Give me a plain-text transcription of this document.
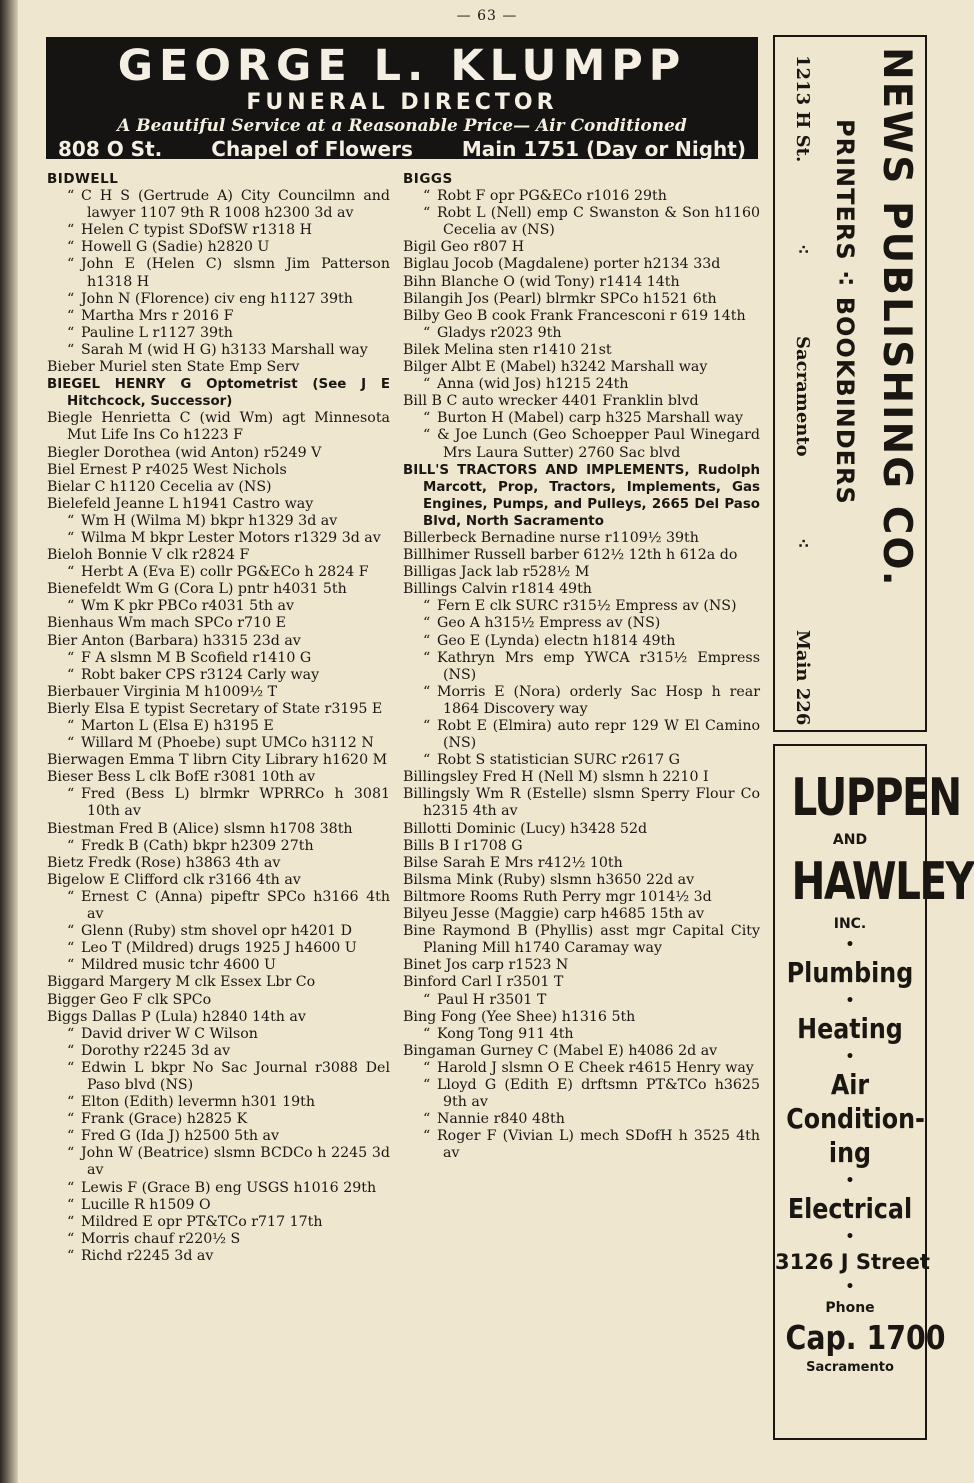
— 63 —
GEORGE L. KLUMPP
FUNERAL DIRECTOR
A Beautiful Service at a Reasonable Price— Air Conditioned
808 O St. Chapel of Flowers Main 1751 (Day or Night)
BIDWELL
“ C H S (Gertrude A) City Councilmn and lawyer 1107 9th R 1008 h2300 3d av
“ Helen C typist SDofSW r1318 H
“ Howell G (Sadie) h2820 U
“ John E (Helen C) slsmn Jim Patterson h1318 H
“ John N (Florence) civ eng h1127 39th
“ Martha Mrs r 2016 F
“ Pauline L r1127 39th
“ Sarah M (wid H G) h3133 Marshall way
Bieber Muriel sten State Emp Serv
BIEGEL HENRY G Optometrist (See J E Hitchcock, Successor)
Biegle Henrietta C (wid Wm) agt Minnesota Mut Life Ins Co h1223 F
Biegler Dorothea (wid Anton) r5249 V
Biel Ernest P r4025 West Nichols
Bielar C h1120 Cecelia av (NS)
Bielefeld Jeanne L h1941 Castro way
“ Wm H (Wilma M) bkpr h1329 3d av
“ Wilma M bkpr Lester Motors r1329 3d av
Bieloh Bonnie V clk r2824 F
“ Herbt A (Eva E) collr PG&ECo h 2824 F
Bienefeldt Wm G (Cora L) pntr h4031 5th
“ Wm K pkr PBCo r4031 5th av
Bienhaus Wm mach SPCo r710 E
Bier Anton (Barbara) h3315 23d av
“ F A slsmn M B Scofield r1410 G
“ Robt baker CPS r3124 Carly way
Bierbauer Virginia M h1009½ T
Bierly Elsa E typist Secretary of State r3195 E
“ Marton L (Elsa E) h3195 E
“ Willard M (Phoebe) supt UMCo h3112 N
Bierwagen Emma T librn City Library h1620 M
Bieser Bess L clk BofE r3081 10th av
“ Fred (Bess L) blrmkr WPRRCo h 3081 10th av
Biestman Fred B (Alice) slsmn h1708 38th
“ Fredk B (Cath) bkpr h2309 27th
Bietz Fredk (Rose) h3863 4th av
Bigelow E Clifford clk r3166 4th av
“ Ernest C (Anna) pipeftr SPCo h3166 4th av
“ Glenn (Ruby) stm shovel opr h4201 D
“ Leo T (Mildred) drugs 1925 J h4600 U
“ Mildred music tchr 4600 U
Biggard Margery M clk Essex Lbr Co
Bigger Geo F clk SPCo
Biggs Dallas P (Lula) h2840 14th av
“ David driver W C Wilson
“ Dorothy r2245 3d av
“ Edwin L bkpr No Sac Journal r3088 Del Paso blvd (NS)
“ Elton (Edith) levermn h301 19th
“ Frank (Grace) h2825 K
“ Fred G (Ida J) h2500 5th av
“ John W (Beatrice) slsmn BCDCo h 2245 3d av
“ Lewis F (Grace B) eng USGS h1016 29th
“ Lucille R h1509 O
“ Mildred E opr PT&TCo r717 17th
“ Morris chauf r220½ S
“ Richd r2245 3d av
BIGGS
“ Robt F opr PG&ECo r1016 29th
“ Robt L (Nell) emp C Swanston & Son h1160 Cecelia av (NS)
Bigil Geo r807 H
Biglau Jocob (Magdalene) porter h2134 33d
Bihn Blanche O (wid Tony) r1414 14th
Bilangih Jos (Pearl) blrmkr SPCo h1521 6th
Bilby Geo B cook Frank Francesconi r 619 14th
“ Gladys r2023 9th
Bilek Melina sten r1410 21st
Bilger Albt E (Mabel) h3242 Marshall way
“ Anna (wid Jos) h1215 24th
Bill B C auto wrecker 4401 Franklin blvd
“ Burton H (Mabel) carp h325 Marshall way
“ & Joe Lunch (Geo Schoepper Paul Winegard Mrs Laura Sutter) 2760 Sac blvd
BILL'S TRACTORS AND IMPLEMENTS, Rudolph Marcott, Prop, Tractors, Implements, Gas Engines, Pumps, and Pulleys, 2665 Del Paso Blvd, North Sacramento
Billerbeck Bernadine nurse r1109½ 39th
Billhimer Russell barber 612½ 12th h 612a do
Billigas Jack lab r528½ M
Billings Calvin r1814 49th
“ Fern E clk SURC r315½ Empress av (NS)
“ Geo A h315½ Empress av (NS)
“ Geo E (Lynda) electn h1814 49th
“ Kathryn Mrs emp YWCA r315½ Empress (NS)
“ Morris E (Nora) orderly Sac Hosp h rear 1864 Discovery way
“ Robt E (Elmira) auto repr 129 W El Camino (NS)
“ Robt S statistician SURC r2617 G
Billingsley Fred H (Nell M) slsmn h 2210 I
Billingsly Wm R (Estelle) slsmn Sperry Flour Co h2315 4th av
Billotti Dominic (Lucy) h3428 52d
Bills B I r1708 G
Bilse Sarah E Mrs r412½ 10th
Bilsma Mink (Ruby) slsmn h3650 22d av
Biltmore Rooms Ruth Perry mgr 1014½ 3d
Bilyeu Jesse (Maggie) carp h4685 15th av
Bine Raymond B (Phyllis) asst mgr Capital City Planing Mill h1740 Caramay way
Binet Jos carp r1523 N
Binford Carl I r3501 T
“ Paul H r3501 T
Bing Fong (Yee Shee) h1316 5th
“ Kong Tong 911 4th
Bingaman Gurney C (Mabel E) h4086 2d av
“ Harold J slsmn O E Cheek r4615 Henry way
“ Lloyd G (Edith E) drftsmn PT&TCo h3625 9th av
“ Nannie r840 48th
“ Roger F (Vivian L) mech SDofH h 3525 4th av
NEWS PUBLISHING CO.
PRINTERS ⁖ BOOKBINDERS
1213 H St.
⁖
Sacramento
⁖
Main 226
LUPPEN
AND
HAWLEY
INC.
•
Plumbing
•
Heating
•
Air
Condition-
ing
•
Electrical
•
3126 J Street
•
Phone
Cap. 1700
Sacramento
